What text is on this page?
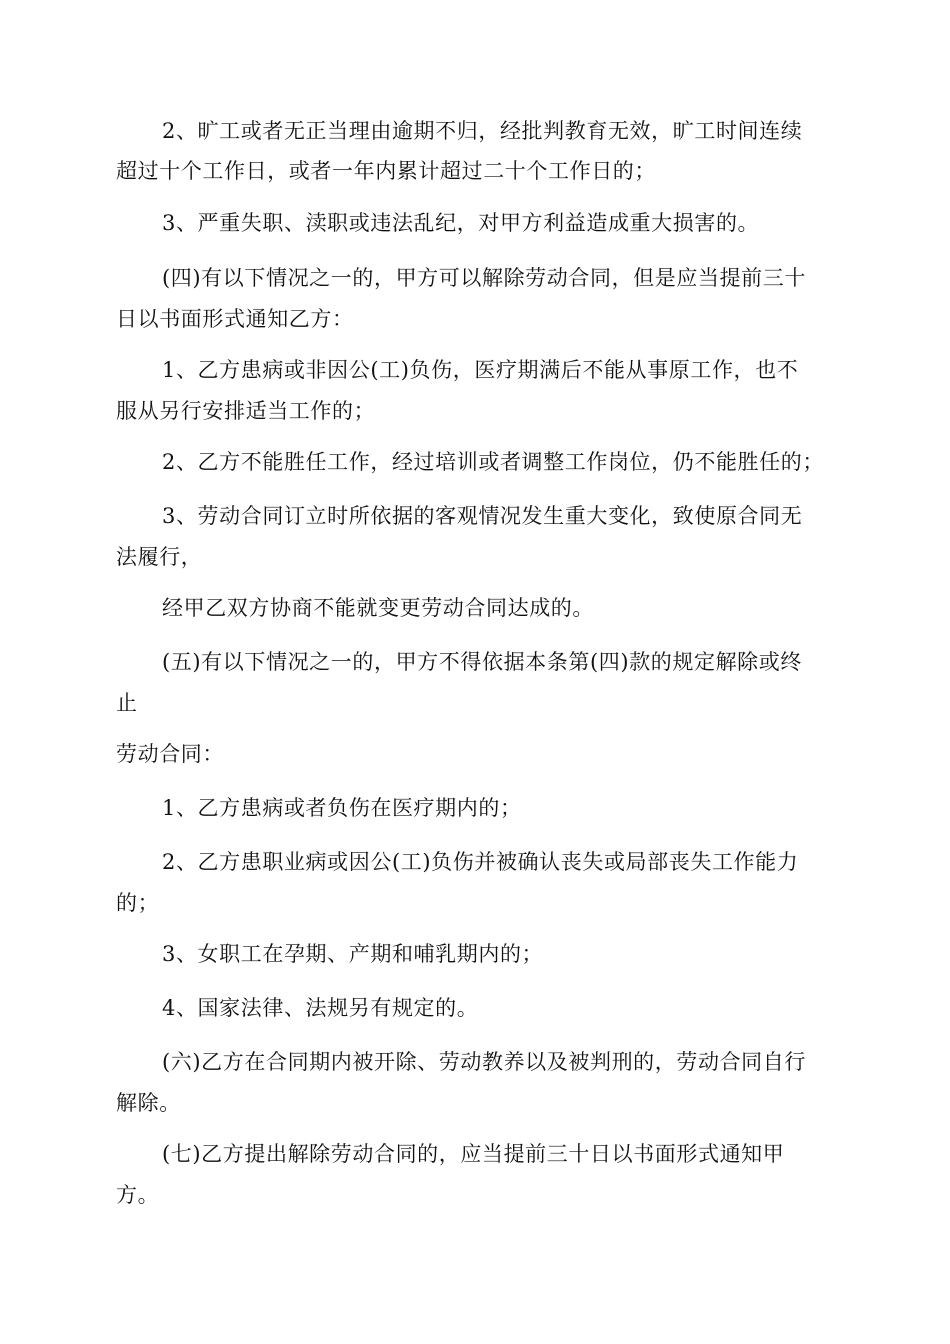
2、旷工或者无正当理由逾期不归，经批判教育无效，旷工时间连续
超过十个工作日，或者一年内累计超过二十个工作日的；
3、严重失职、渎职或违法乱纪，对甲方利益造成重大损害的。
(四)有以下情况之一的，甲方可以解除劳动合同，但是应当提前三十
日以书面形式通知乙方：
1、乙方患病或非因公(工)负伤，医疗期满后不能从事原工作，也不
服从另行安排适当工作的；
2、乙方不能胜任工作，经过培训或者调整工作岗位，仍不能胜任的；
3、劳动合同订立时所依据的客观情况发生重大变化，致使原合同无
法履行，
经甲乙双方协商不能就变更劳动合同达成的。
(五)有以下情况之一的，甲方不得依据本条第(四)款的规定解除或终
止
劳动合同：
1、乙方患病或者负伤在医疗期内的；
2、乙方患职业病或因公(工)负伤并被确认丧失或局部丧失工作能力
的；
3、女职工在孕期、产期和哺乳期内的；
4、国家法律、法规另有规定的。
(六)乙方在合同期内被开除、劳动教养以及被判刑的，劳动合同自行
解除。
(七)乙方提出解除劳动合同的，应当提前三十日以书面形式通知甲
方。
